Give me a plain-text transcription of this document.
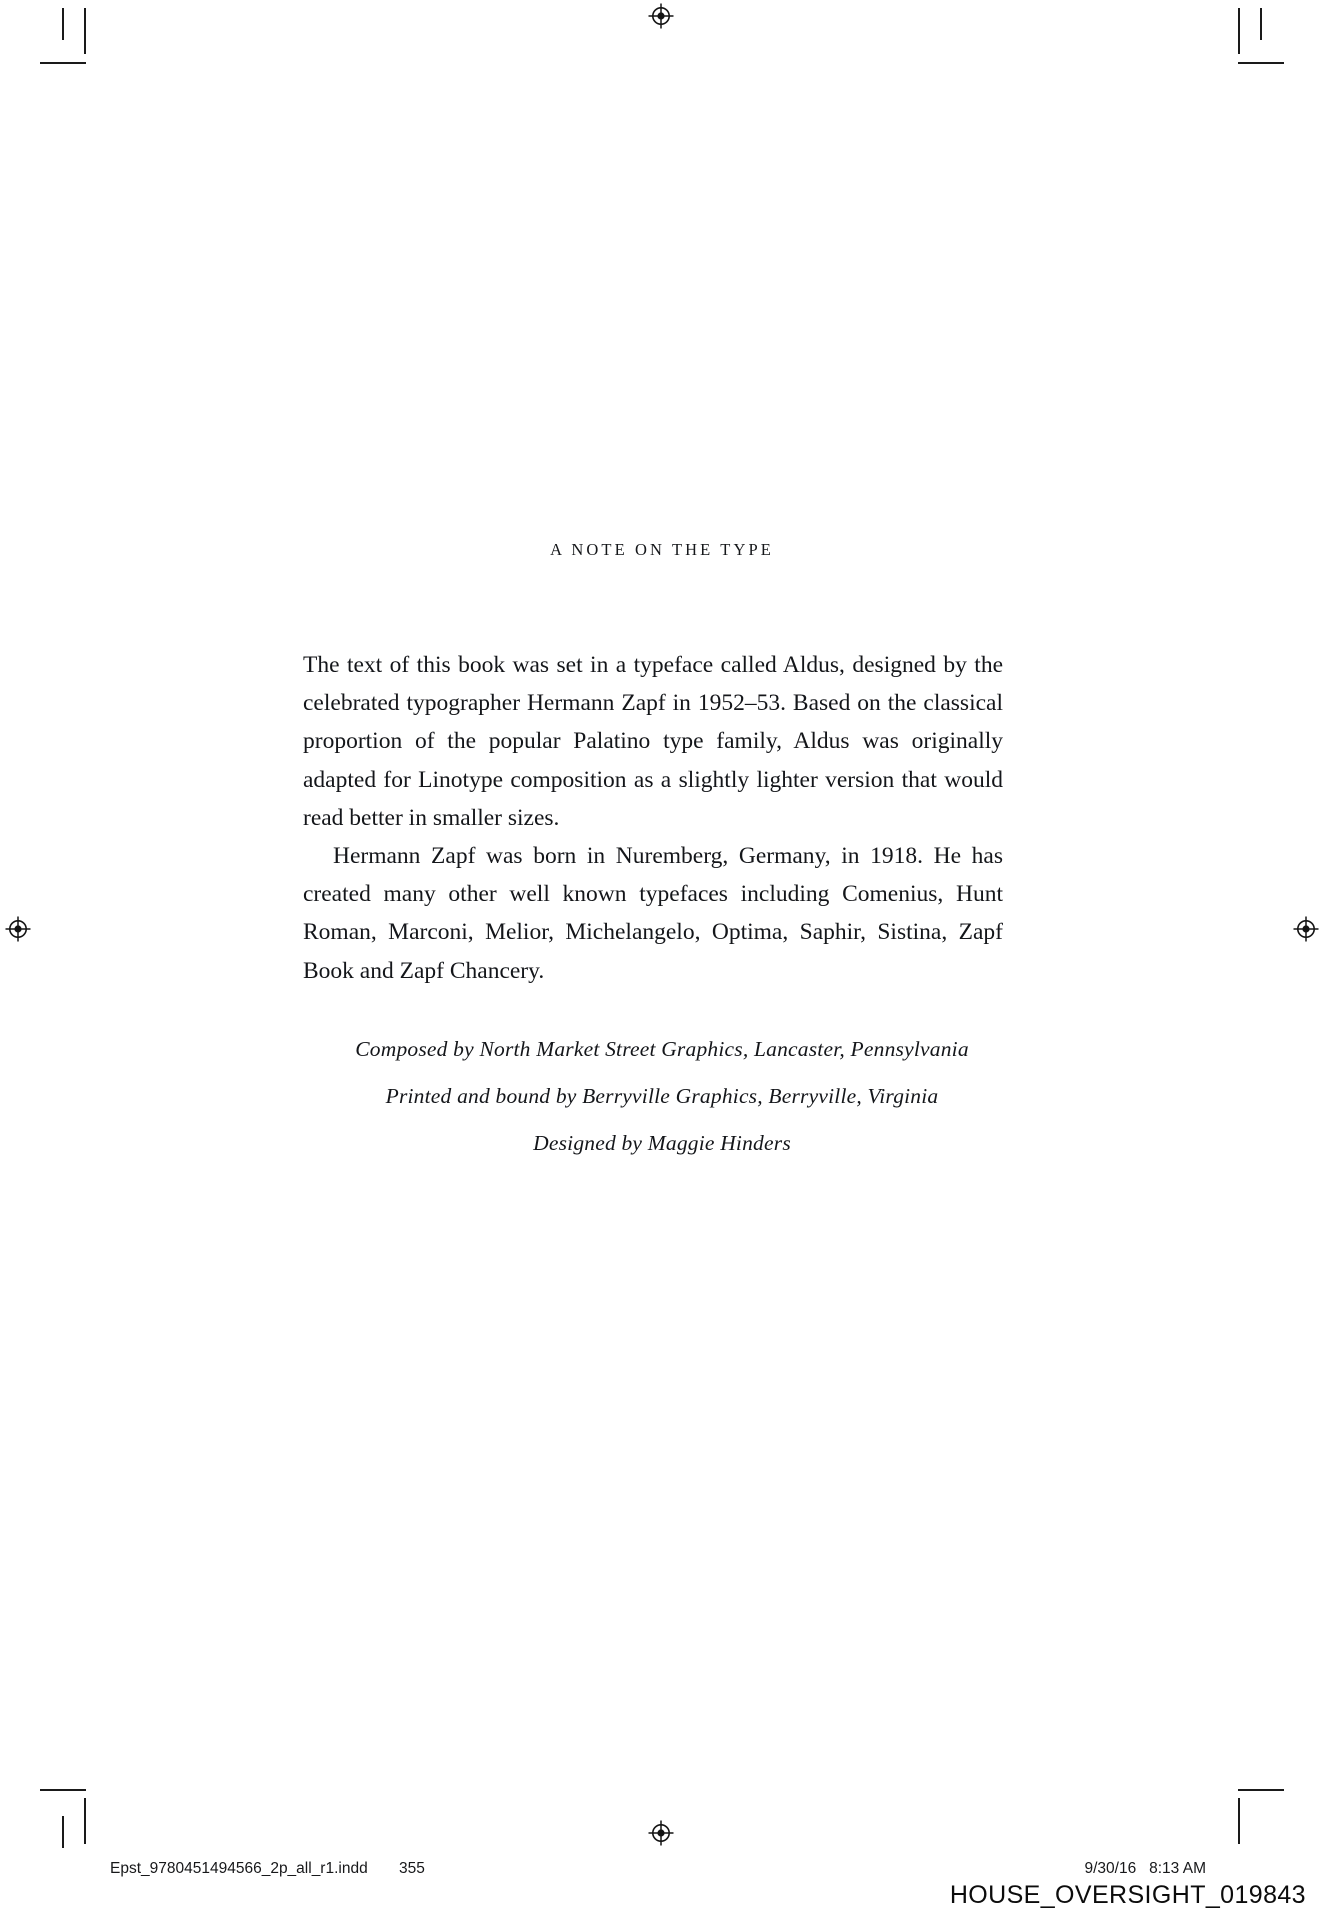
A NOTE ON THE TYPE

The text of this book was set in a typeface called Aldus, designed by the celebrated typographer Hermann Zapf in 1952–53. Based on the classical proportion of the popular Palatino type family, Aldus was originally adapted for Linotype composition as a slightly lighter version that would read better in smaller sizes.

Hermann Zapf was born in Nuremberg, Germany, in 1918. He has created many other well known typefaces including Comenius, Hunt Roman, Marconi, Melior, Michelangelo, Optima, Saphir, Sistina, Zapf Book and Zapf Chancery.

Composed by North Market Street Graphics, Lancaster, Pennsylvania
Printed and bound by Berryville Graphics, Berryville, Virginia
Designed by Maggie Hinders
Epst_9780451494566_2p_all_r1.indd 355	9/30/16 8:13 AM
HOUSE_OVERSIGHT_019843
